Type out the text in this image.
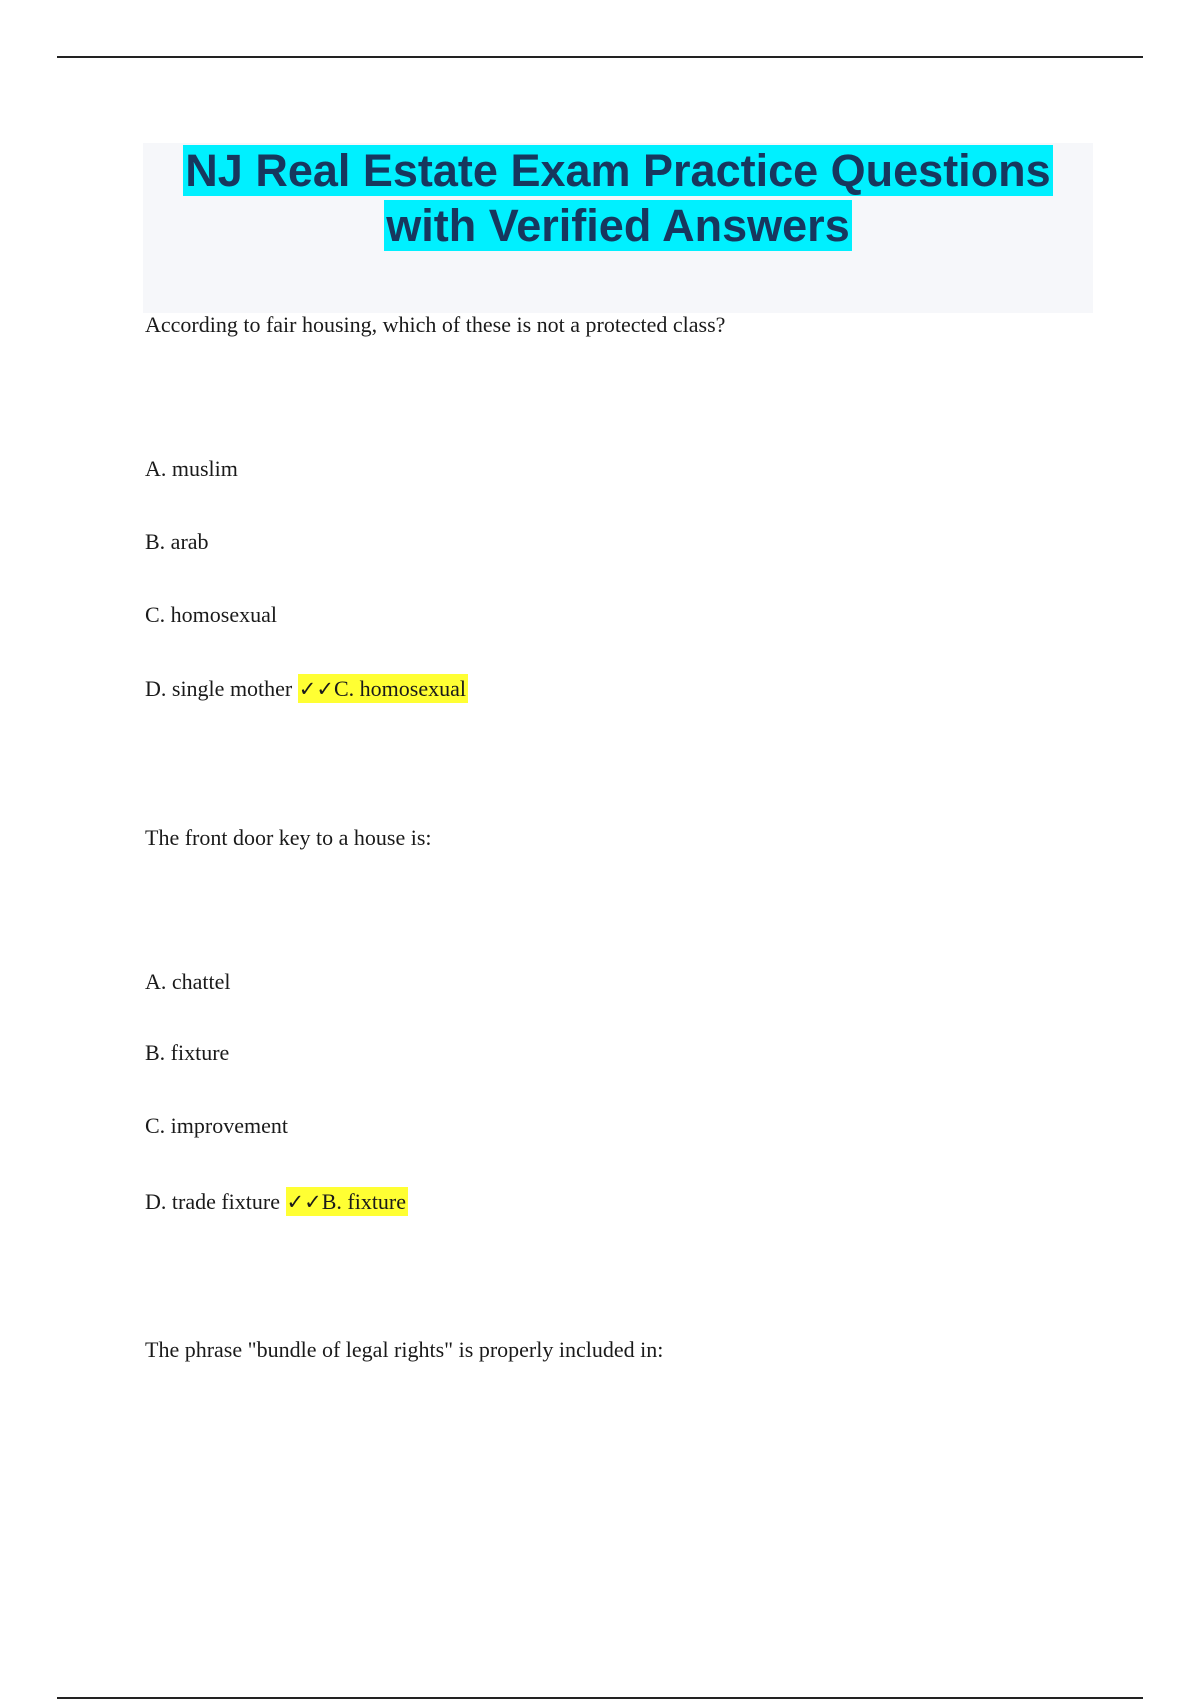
NJ Real Estate Exam Practice Questions
with Verified Answers

According to fair housing, which of these is not a protected class?

A. muslim

B. arab

C. homosexual

D. single mother ✓✓C. homosexual

The front door key to a house is:

A. chattel

B. fixture

C. improvement

D. trade fixture ✓✓B. fixture

The phrase "bundle of legal rights" is properly included in:
